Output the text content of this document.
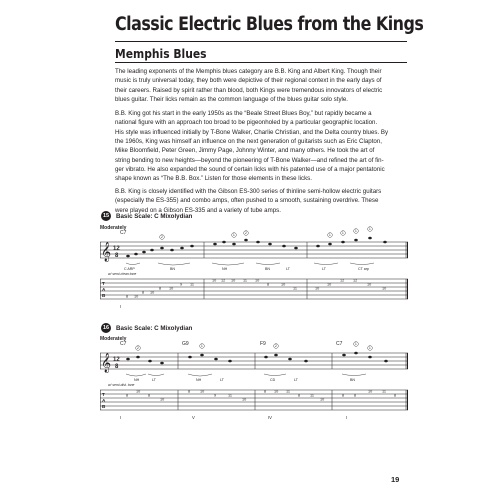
Classic Electric Blues from the Kings
Memphis Blues

The leading exponents of the Memphis blues category are B.B. King and Albert King. Though their
music is truly universal today, they both were depictive of their regional context in the early days of
their careers. Raised by spirit rather than blood, both Kings were tremendous innovators of electric
blues guitar. Their licks remain as the common language of the blues guitar solo style.

B.B. King got his start in the early 1950s as the “Beale Street Blues Boy,” but rapidly became a
national figure with an approach too broad to be pigeonholed by a particular geographic location.
His style was influenced initially by T-Bone Walker, Charlie Christian, and the Delta country blues. By
the 1960s, King was himself an influence on the next generation of guitarists such as Eric Clapton,
Mike Bloomfield, Peter Green, Jimmy Page, Johnny Winter, and many others. He took the art of
string bending to new heights—beyond the pioneering of T-Bone Walker—and refined the art of fin-
ger vibrato. He also expanded the sound of certain licks with his patented use of a major pentatonic
shape known as “The B.B. Box.” Listen for those elements in these licks.

B.B. King is closely identified with the Gibson ES-300 series of thinline semi-hollow electric guitars
(especially the ES-355) and combo amps, often pushed to a smooth, sustaining overdrive. These
were played on a Gibson ES-335 and a variety of tube amps.

15	Basic Scale: C Mixolydian
Moderately
𝄞 12
8
C7
C ARP	BN	NH	BN	LT	LT	CT arp
2	1	2	1	1	1	1
w/ semi-clean tone
T
A
B	8 10
8 10
8 10
9 11
10 12 10 11 10
8	10
11	10
10
12 12
10
10
I
16	Basic Scale: C Mixolydian
Moderately
𝄞 12
8
C7	G9	F9	C7
NH	LT	NH	LT	CD	LT	BN
2	1	2	1
1
w/ semi-dist. tone
T
A
B
8
10
8
10
8	10
9	11
10
8 10 11
8	11
10
8	8
10	11
8
I	V	IV	I
19
